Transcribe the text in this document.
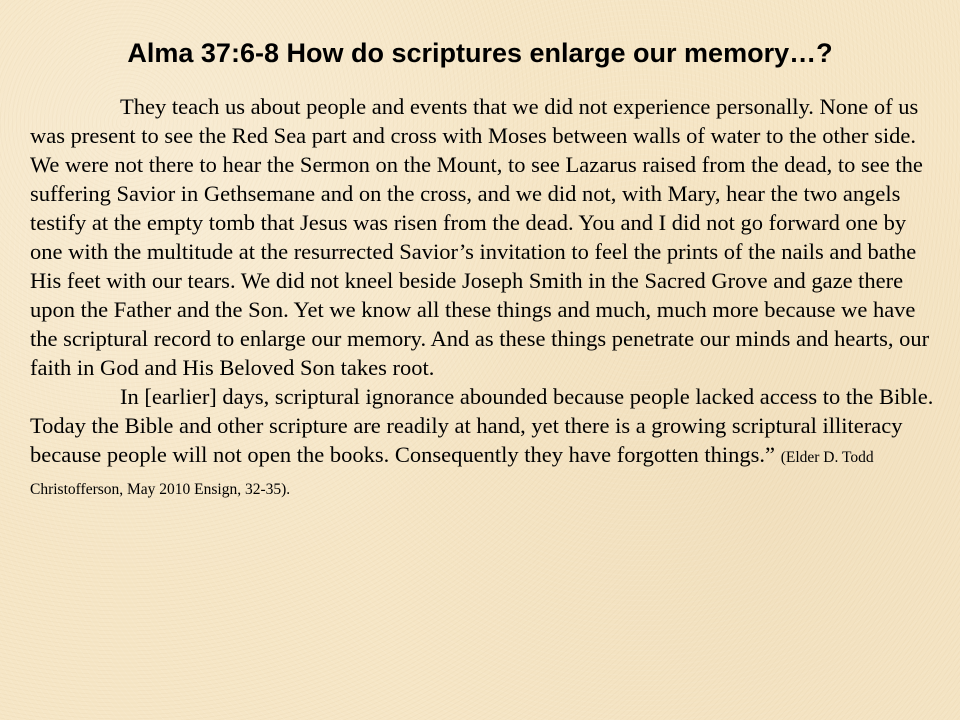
Alma 37:6-8 How do scriptures enlarge our memory…?

They teach us about people and events that we did not experience personally. None of us was present to see the Red Sea part and cross with Moses between walls of water to the other side. We were not there to hear the Sermon on the Mount, to see Lazarus raised from the dead, to see the suffering Savior in Gethsemane and on the cross, and we did not, with Mary, hear the two angels testify at the empty tomb that Jesus was risen from the dead. You and I did not go forward one by one with the multitude at the resurrected Savior’s invitation to feel the prints of the nails and bathe His feet with our tears. We did not kneel beside Joseph Smith in the Sacred Grove and gaze there upon the Father and the Son. Yet we know all these things and much, much more because we have the scriptural record to enlarge our memory. And as these things penetrate our minds and hearts, our faith in God and His Beloved Son takes root.

In [earlier] days, scriptural ignorance abounded because people lacked access to the Bible. Today the Bible and other scripture are readily at hand, yet there is a growing scriptural illiteracy because people will not open the books. Consequently they have forgotten things.” (Elder D. Todd Christofferson, May 2010 Ensign, 32-35).
